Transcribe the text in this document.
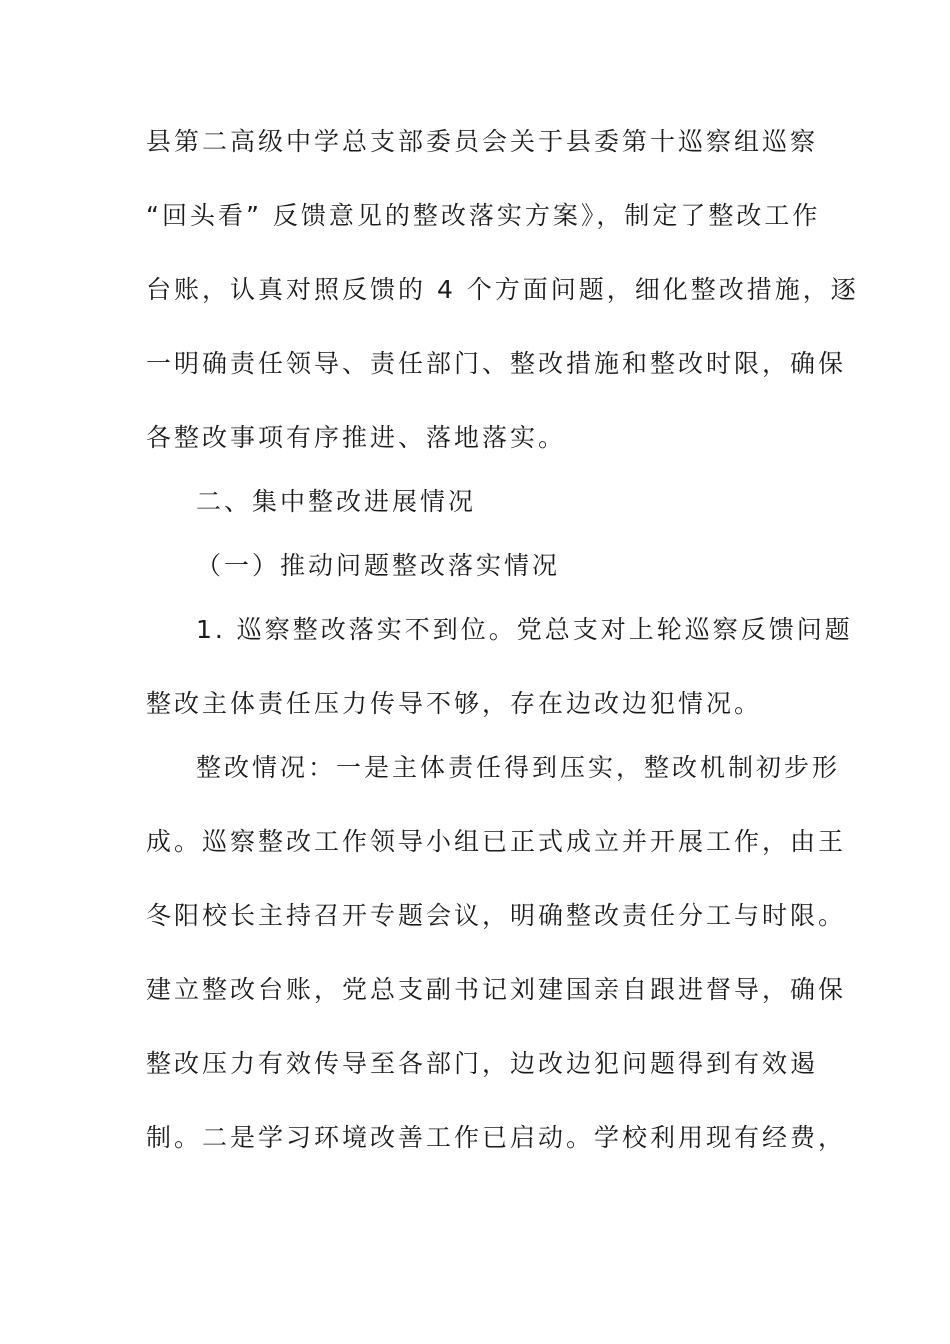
县第二高级中学总支部委员会关于县委第十巡察组巡察
“回头看” 反馈意见的整改落实方案》，制定了整改工作
台账，认真对照反馈的 4 个方面问题，细化整改措施，逐
一明确责任领导、责任部门、整改措施和整改时限，确保
各整改事项有序推进、落地落实。
二、集中整改进展情况
（一）推动问题整改落实情况
1. 巡察整改落实不到位。党总支对上轮巡察反馈问题
整改主体责任压力传导不够，存在边改边犯情况。
整改情况：一是主体责任得到压实，整改机制初步形
成。巡察整改工作领导小组已正式成立并开展工作，由王
冬阳校长主持召开专题会议，明确整改责任分工与时限。
建立整改台账，党总支副书记刘建国亲自跟进督导，确保
整改压力有效传导至各部门，边改边犯问题得到有效遏
制。二是学习环境改善工作已启动。学校利用现有经费，
